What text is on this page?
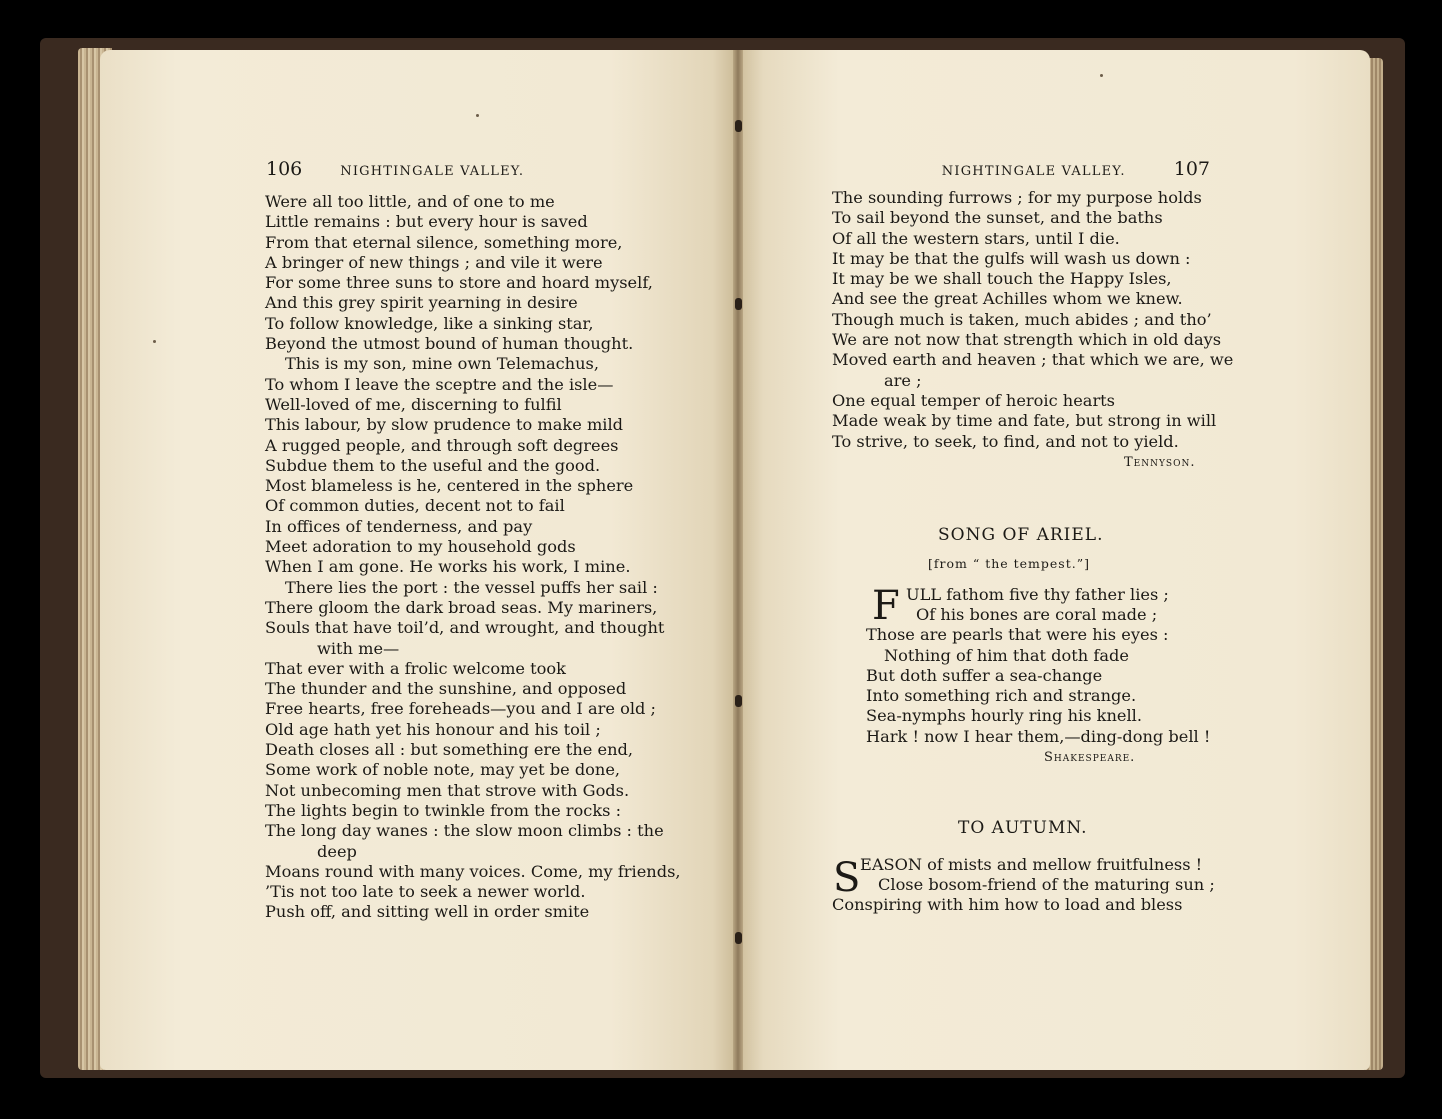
106	NIGHTINGALE VALLEY.
Were all too little, and of one to me
Little remains : but every hour is saved
From that eternal silence, something more,
A bringer of new things ; and vile it were
For some three suns to store and hoard myself,
And this grey spirit yearning in desire
To follow knowledge, like a sinking star,
Beyond the utmost bound of human thought.
This is my son, mine own Telemachus,
To whom I leave the sceptre and the isle—
Well-loved of me, discerning to fulfil
This labour, by slow prudence to make mild
A rugged people, and through soft degrees
Subdue them to the useful and the good.
Most blameless is he, centered in the sphere
Of common duties, decent not to fail
In offices of tenderness, and pay
Meet adoration to my household gods
When I am gone. He works his work, I mine.
There lies the port : the vessel puffs her sail :
There gloom the dark broad seas. My mariners,
Souls that have toil’d, and wrought, and thought
with me—
That ever with a frolic welcome took
The thunder and the sunshine, and opposed
Free hearts, free foreheads—you and I are old ;
Old age hath yet his honour and his toil ;
Death closes all : but something ere the end,
Some work of noble note, may yet be done,
Not unbecoming men that strove with Gods.
The lights begin to twinkle from the rocks :
The long day wanes : the slow moon climbs : the
deep
Moans round with many voices. Come, my friends,
’Tis not too late to seek a newer world.
Push off, and sitting well in order smite
NIGHTINGALE VALLEY.	107
The sounding furrows ; for my purpose holds
To sail beyond the sunset, and the baths
Of all the western stars, until I die.
It may be that the gulfs will wash us down :
It may be we shall touch the Happy Isles,
And see the great Achilles whom we knew.
Though much is taken, much abides ; and tho’
We are not now that strength which in old days
Moved earth and heaven ; that which we are, we
are ;
One equal temper of heroic hearts
Made weak by time and fate, but strong in will
To strive, to seek, to find, and not to yield.
Tennyson.
SONG OF ARIEL.
[from “ the tempest.”]
F ULL fathom five thy father lies ;
Of his bones are coral made ;
Those are pearls that were his eyes :
Nothing of him that doth fade
But doth suffer a sea-change
Into something rich and strange.
Sea-nymphs hourly ring his knell.
Hark ! now I hear them,—ding-dong bell !
Shakespeare.
TO AUTUMN.
S EASON of mists and mellow fruitfulness !
Close bosom-friend of the maturing sun ;
Conspiring with him how to load and bless
